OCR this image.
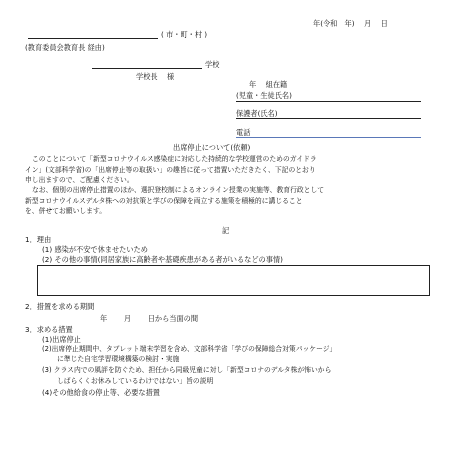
年(令和　年)　 月　 日
( 市・町・村 )
(教育委員会教育長 経由)
学校
学校長　 様
年　 組在籍
(児童・生徒氏名)
保護者(氏名)
電話
出席停止について(依頼)
このことについて「新型コロナウイルス感染症に対応した持続的な学校運営のためのガイドラ
イン」(文部科学省)の「出席停止等の取扱い」の趣旨に従って措置いただきたく、下記のとおり
申し出ますので、ご配慮ください。
なお、個別の出席停止措置のほか、選択登校制によるオンライン授業の実施等、教育行政として
新型コロナウイルスデルタ株への対抗策と学びの保障を両立する施策を積極的に講じること
を、併せてお願いします。
記
1．理由
(1) 感染が不安で休ませたいため
(2) その他の事情(同居家族に高齢者や基礎疾患がある者がいるなどの事情)
2．措置を求める期間
年　　 月　　 日から当面の間
3．求める措置
(1)出席停止
(2)出席停止期間中、タブレット端末学習を含め、文部科学省「学びの保障総合対策パッケージ」
に準じた自宅学習環境構築の検討・実施
(3) クラス内での風評を防ぐため、担任から同級児童に対し「新型コロナのデルタ株が怖いから
しばらくくお休みしているわけではない」旨の説明
(4)その他給食の停止等、必要な措置
